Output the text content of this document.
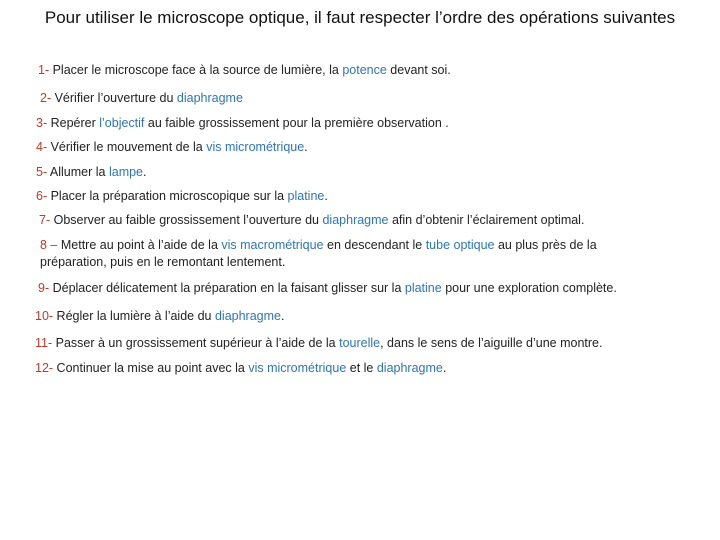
Pour utiliser le microscope optique, il faut respecter l’ordre des opérations suivantes
1- Placer le microscope face à la source de lumière, la potence devant soi.
2- Vérifier l’ouverture du diaphragme
3- Repérer l’objectif au faible grossissement pour la première observation .
4- Vérifier le mouvement de la vis micrométrique.
5- Allumer la lampe.
6- Placer la préparation microscopique sur la platine.
7- Observer au faible grossissement l’ouverture du diaphragme afin d’obtenir l’éclairement optimal.
8 – Mettre au point à l’aide de la vis macrométrique en descendant le tube optique au plus près de la préparation, puis en le remontant lentement.
9- Déplacer délicatement la préparation en la faisant glisser sur la platine pour une exploration complète.
10- Régler la lumière à l’aide du diaphragme.
11- Passer à un grossissement supérieur à l’aide de la tourelle, dans le sens de l’aiguille d’une montre.
12- Continuer la mise au point avec la vis micrométrique et le diaphragme.
